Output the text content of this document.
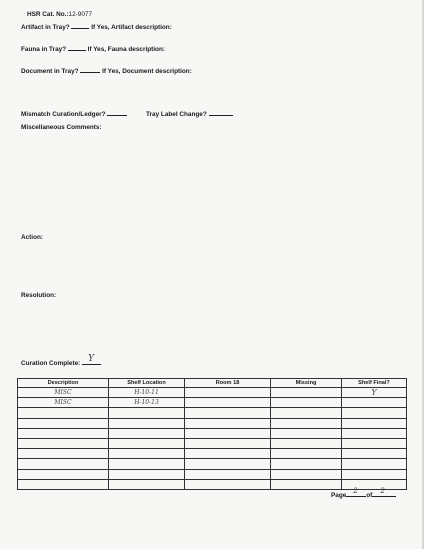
HSR Cat. No.:12-9077
Artifact in Tray?	If Yes, Artifact description:
Fauna in Tray?	If Yes, Fauna description:
Document in Tray?	If Yes, Document description:
Mismatch Curation/Ledger?	Tray Label Change?
Miscellaneous Comments:
Action:
Resolution:
Curation Complete: Y
Description	Shelf Location	Room 18	Missing	Shelf Final?
MISC	H-10-11			Y
MISC	H-10-13			

Page
2
of
2
